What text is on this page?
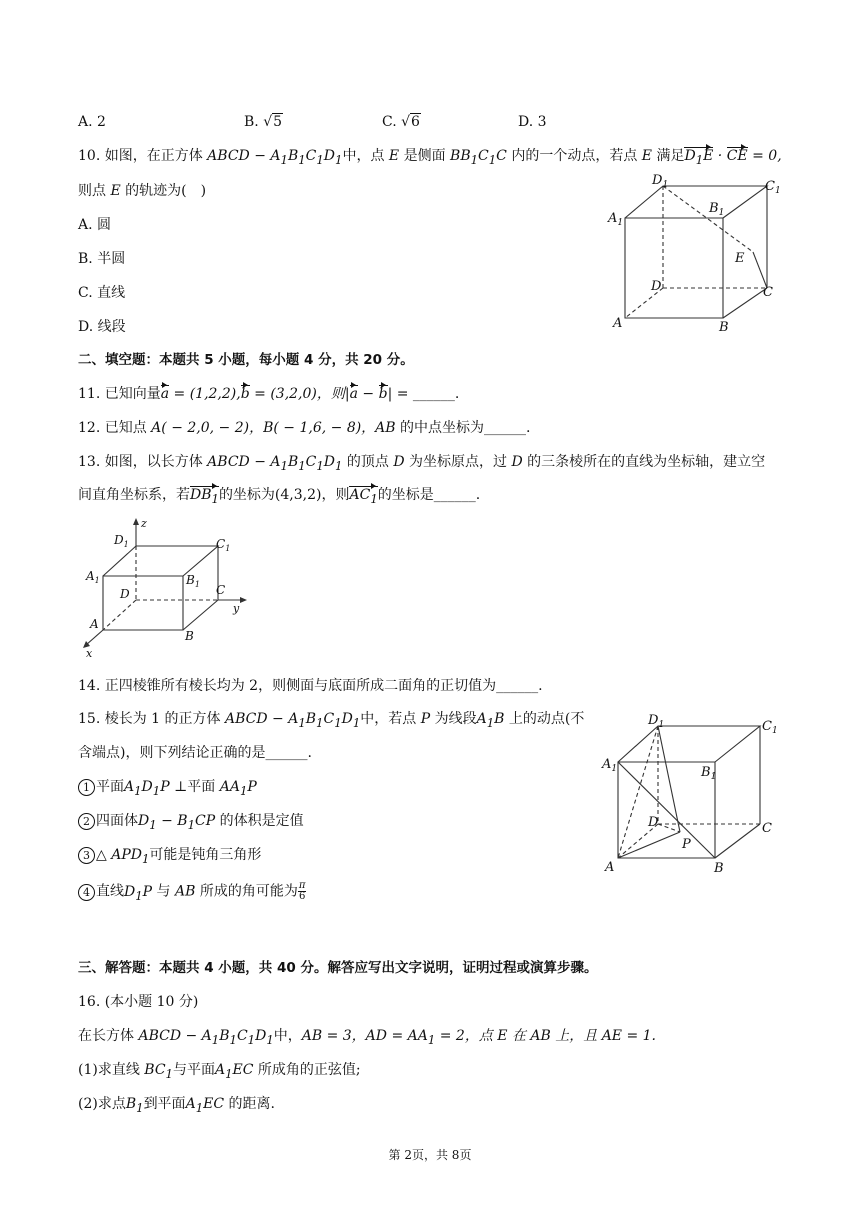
A. 2	B. √5	C. √6	D. 3
10. 如图，在正方体 ABCD − $A_1B_1C_1D_1$中，点 E 是侧面 $BB_1C_1C$ 内的一个动点，若点 E 满足$D_1E$ · CE = 0,
则点 E 的轨迹为(　)
A. 圆
B. 半圆
C. 直线
D. 线段
$D_1$	$C_1$
$A_1$
$B_1$
E
D	C
A	B
二、填空题：本题共 5 小题，每小题 4 分，共 20 分。
11. 已知向量a = (1,2,2),b = (3,2,0)，则|a − b| = ______.
12. 已知点 A( − 2,0, − 2)，B( − 1,6, − 8)，AB 的中点坐标为______.
13. 如图，以长方体 ABCD − $A_1B_1C_1D_1$ 的顶点 D 为坐标原点，过 D 的三条棱所在的直线为坐标轴，建立空
间直角坐标系，若$DB_1$的坐标为(4,3,2)，则$AC_1$的坐标是______.
z
y
x
$D_1$	$C_1$
$A_1$	$B_1$
D	C
A
B
14. 正四棱锥所有棱长均为 2，则侧面与底面所成二面角的正切值为______.
15. 棱长为 1 的正方体 ABCD − $A_1B_1C_1D_1$中，若点 P 为线段$A_1B$ 上的动点(不
含端点)，则下列结论正确的是______.
1 平面$A_1D_1P$ ⊥平面 $AA_1P$
2 四面体$D_1 - B_1CP$ 的体积是定值
3 △ $APD_1$可能是钝角三角形
4 直线$D_1P$ 与 AB 所成的角可能为 $\frac{\pi}{6}$
$D_1$	$C_1$
$A_1$	$B_1$
D	C
P
A	B
三、解答题：本题共 4 小题，共 40 分。解答应写出文字说明，证明过程或演算步骤。
16. (本小题 10 分)
在长方体 ABCD − $A_1B_1C_1D_1$中，AB = 3，AD = $AA_1 = 2$，点 E 在 AB 上，且 AE = 1.
(1)求直线 $BC_1$与平面$A_1EC$ 所成角的正弦值;
(2)求点$B_1$到平面$A_1EC$ 的距离.
第 2页，共 8页
